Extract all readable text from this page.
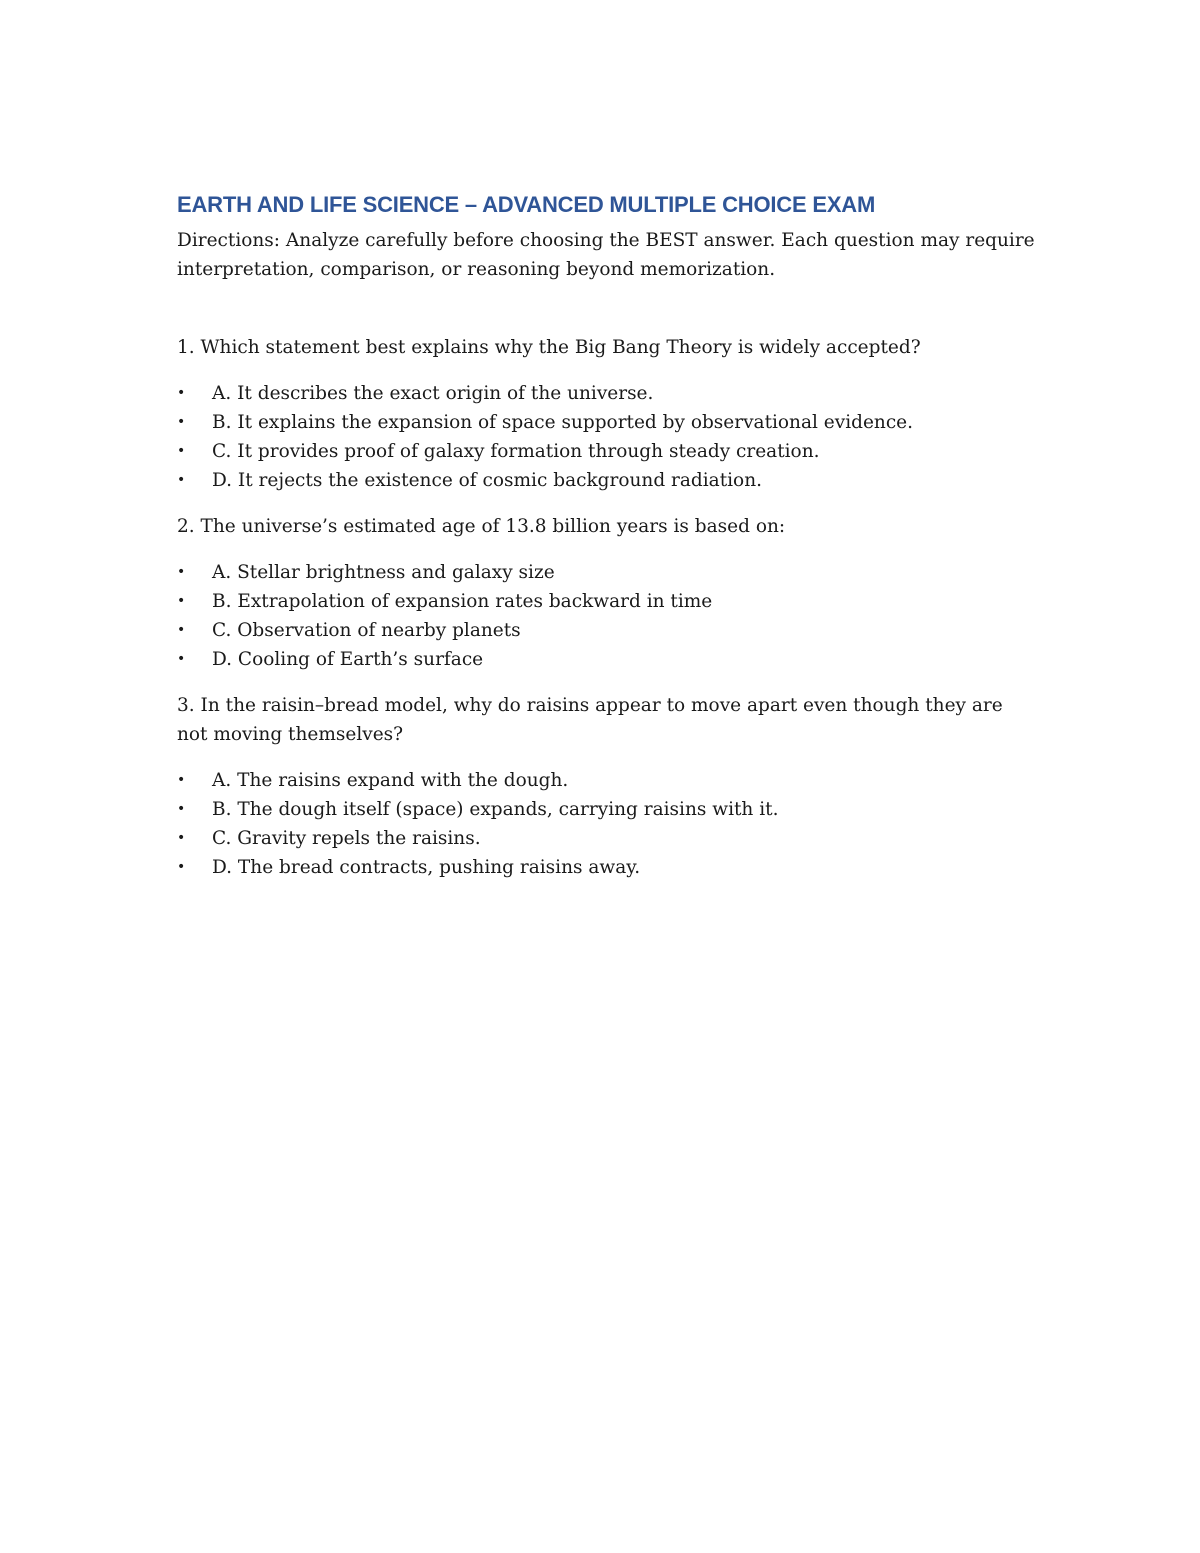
EARTH AND LIFE SCIENCE – ADVANCED MULTIPLE CHOICE EXAM
Directions: Analyze carefully before choosing the BEST answer. Each question may require interpretation, comparison, or reasoning beyond memorization.
1. Which statement best explains why the Big Bang Theory is widely accepted?
• A. It describes the exact origin of the universe.
• B. It explains the expansion of space supported by observational evidence.
• C. It provides proof of galaxy formation through steady creation.
• D. It rejects the existence of cosmic background radiation.
2. The universe’s estimated age of 13.8 billion years is based on:
• A. Stellar brightness and galaxy size
• B. Extrapolation of expansion rates backward in time
• C. Observation of nearby planets
• D. Cooling of Earth’s surface
3. In the raisin–bread model, why do raisins appear to move apart even though they are not moving themselves?
• A. The raisins expand with the dough.
• B. The dough itself (space) expands, carrying raisins with it.
• C. Gravity repels the raisins.
• D. The bread contracts, pushing raisins away.
